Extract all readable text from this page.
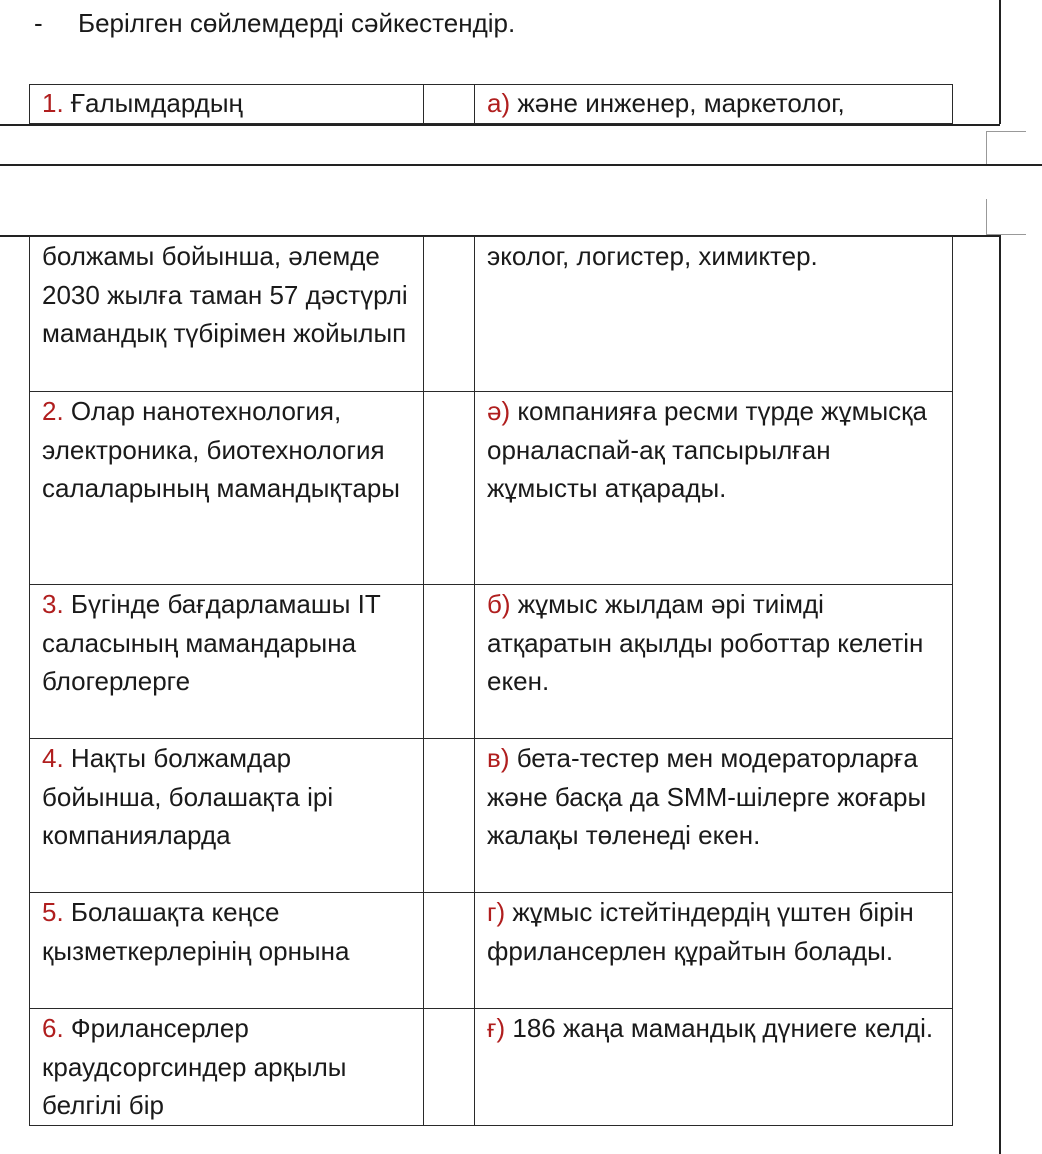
- Берілген сөйлемдерді сәйкестендір.
1. Ғалымдардың		а) және инженер, маркетолог,
болжамы бойынша, әлемде 2030 жылға таман 57 дәстүрлі мамандық түбірімен жойылып		эколог, логистер, химиктер.
2. Олар нанотехнология, электроника, биотехнология салаларының мамандықтары		ә) компанияға ресми түрде жұмысқа орналаспай-ақ тапсырылған жұмысты атқарады.
3. Бүгінде бағдарламашы IT саласының мамандарына блогерлерге		б) жұмыс жылдам әрі тиімді атқаратын ақылды роботтар келетін екен.
4. Нақты болжамдар бойынша, болашақта ірі компанияларда		в) бета-тестер мен модераторларға және басқа да SMM-шілерге жоғары жалақы төленеді екен.
5. Болашақта кеңсе қызметкерлерінің орнына		г) жұмыс істейтіндердің үштен бірін фрилансерлен құрайтын болады.
6. Фрилансерлер краудсоргсиндер арқылы белгілі бір		ғ) 186 жаңа мамандық дүниеге келді.
